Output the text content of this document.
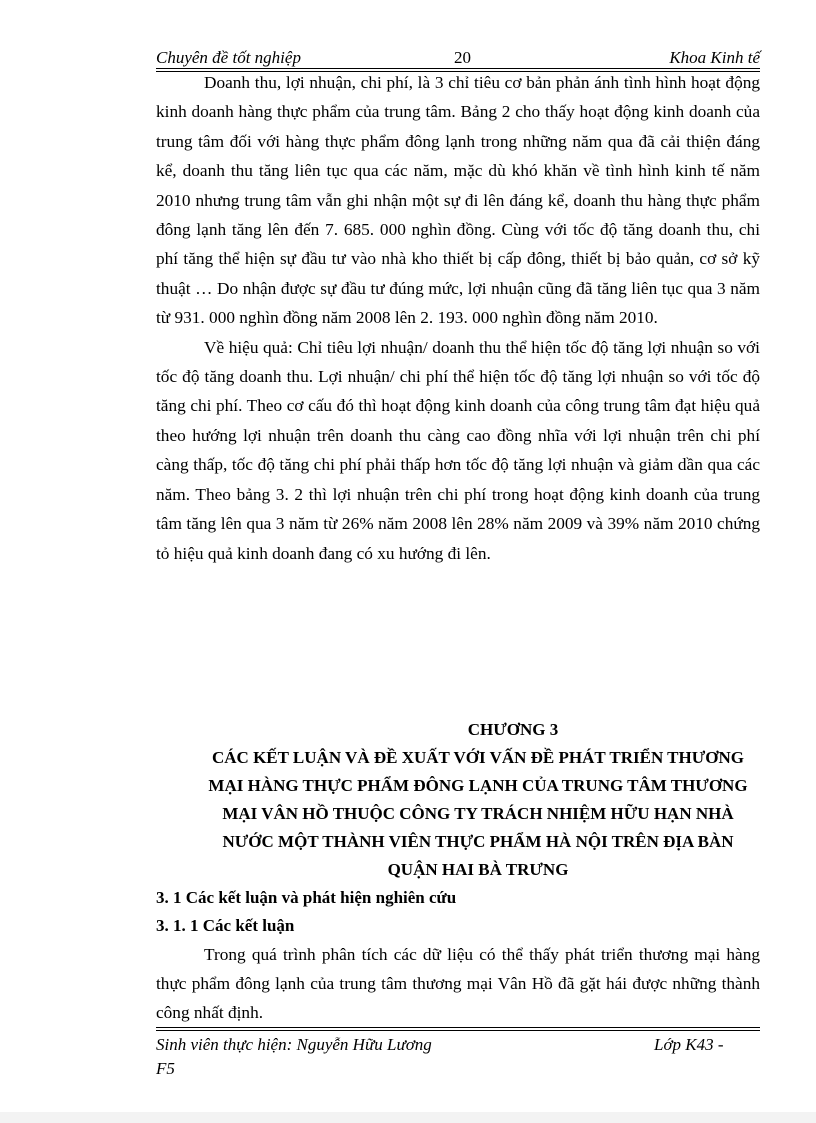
Chuyên đề tốt nghiệp	20	Khoa Kinh tế

Doanh thu, lợi nhuận, chi phí, là 3 chỉ tiêu cơ bản phản ánh tình hình hoạt động kinh doanh hàng thực phẩm của trung tâm. Bảng 2 cho thấy hoạt động kinh doanh của trung tâm đối với hàng thực phẩm đông lạnh trong những năm qua đã cải thiện đáng kể, doanh thu tăng liên tục qua các năm, mặc dù khó khăn về tình hình kinh tế năm 2010 nhưng trung tâm vẫn ghi nhận một sự đi lên đáng kể, doanh thu hàng thực phẩm đông lạnh tăng lên đến 7. 685. 000 nghìn đồng. Cùng với tốc độ tăng doanh thu, chi phí tăng thể hiện sự đầu tư vào nhà kho thiết bị cấp đông, thiết bị bảo quản, cơ sở kỹ thuật … Do nhận được sự đầu tư đúng mức, lợi nhuận cũng đã tăng liên tục qua 3 năm từ 931. 000 nghìn đồng năm 2008 lên 2. 193. 000 nghìn đồng năm 2010.

Về hiệu quả: Chỉ tiêu lợi nhuận/ doanh thu thể hiện tốc độ tăng lợi nhuận so với tốc độ tăng doanh thu. Lợi nhuận/ chi phí thể hiện tốc độ tăng lợi nhuận so với tốc độ tăng chi phí. Theo cơ cấu đó thì hoạt động kinh doanh của công trung tâm đạt hiệu quả theo hướng lợi nhuận trên doanh thu càng cao đồng nhĩa với lợi nhuận trên chi phí càng thấp, tốc độ tăng chi phí phải thấp hơn tốc độ tăng lợi nhuận và giảm dần qua các năm. Theo bảng 3. 2 thì lợi nhuận trên chi phí trong hoạt động kinh doanh của trung tâm tăng lên qua 3 năm từ 26% năm 2008 lên 28% năm 2009 và 39% năm 2010 chứng tỏ hiệu quả kinh doanh đang có xu hướng đi lên.

CHƯƠNG 3
CÁC KẾT LUẬN VÀ ĐỀ XUẤT VỚI VẤN ĐỀ PHÁT TRIỂN THƯƠNG MẠI HÀNG THỰC PHẨM ĐÔNG LẠNH CỦA TRUNG TÂM THƯƠNG MẠI VÂN HỒ THUỘC CÔNG TY TRÁCH NHIỆM HỮU HẠN NHÀ NƯỚC MỘT THÀNH VIÊN THỰC PHẨM HÀ NỘI TRÊN ĐỊA BÀN QUẬN HAI BÀ TRƯNG
3. 1 Các kết luận và phát hiện nghiên cứu
3. 1. 1 Các kết luận

Trong quá trình phân tích các dữ liệu có thể thấy phát triển thương mại hàng thực phẩm đông lạnh của trung tâm thương mại Vân Hồ đã gặt hái được những thành công nhất định.

Sinh viên thực hiện: Nguyễn Hữu Lương
F5
Lớp K43 -
